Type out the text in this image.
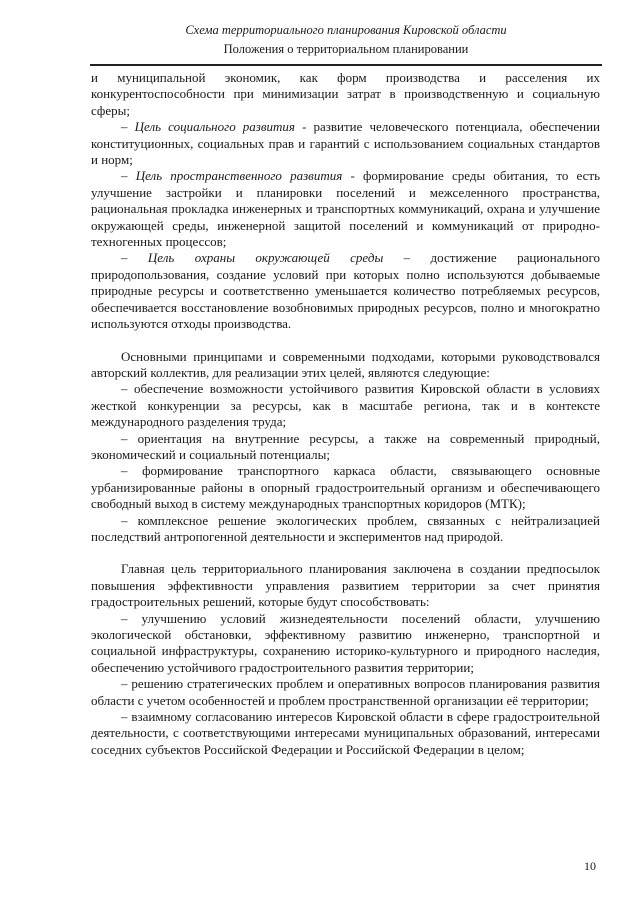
Схема территориального планирования Кировской области
Положения о территориальном планировании

и муниципальной экономик, как форм производства и расселения их конкурентоспособности при минимизации затрат в производственную и социальную сферы;

– Цель социального развития - развитие человеческого потенциала, обеспечении конституционных, социальных прав и гарантий с использованием социальных стандартов и норм;

– Цель пространственного развития - формирование среды обитания, то есть улучшение застройки и планировки поселений и межселенного пространства, рациональная прокладка инженерных и транспортных коммуникаций, охрана и улучшение окружающей среды, инженерной защитой поселений и коммуникаций от природно-техногенных процессов;

– Цель охраны окружающей среды – достижение рационального природопользования, создание условий при которых полно используются добываемые природные ресурсы и соответственно уменьшается количество потребляемых ресурсов, обеспечивается восстановление возобновимых природных ресурсов, полно и многократно используются отходы производства.

Основными принципами и современными подходами, которыми руководствовался авторский коллектив, для реализации этих целей, являются следующие:

– обеспечение возможности устойчивого развития Кировской области в условиях жесткой конкуренции за ресурсы, как в масштабе региона, так и в контексте международного разделения труда;

– ориентация на внутренние ресурсы, а также на современный природный, экономический и социальный потенциалы;

– формирование транспортного каркаса области, связывающего основные урбанизированные районы в опорный градостроительный организм и обеспечивающего свободный выход в систему международных транспортных коридоров (МТК);

– комплексное решение экологических проблем, связанных с нейтрализацией последствий антропогенной деятельности и экспериментов над природой.

Главная цель территориального планирования заключена в создании предпосылок повышения эффективности управления развитием территории за счет принятия градостроительных решений, которые будут способствовать:

– улучшению условий жизнедеятельности поселений области, улучшению экологической обстановки, эффективному развитию инженерно, транспортной и социальной инфраструктуры, сохранению историко-культурного и природного наследия, обеспечению устойчивого градостроительного развития территории;

– решению стратегических проблем и оперативных вопросов планирования развития области с учетом особенностей и проблем пространственной организации её территории;

– взаимному согласованию интересов Кировской области в сфере градостроительной деятельности, с соответствующими интересами муниципальных образований, интересами соседних субъектов Российской Федерации и Российской Федерации в целом;

10
